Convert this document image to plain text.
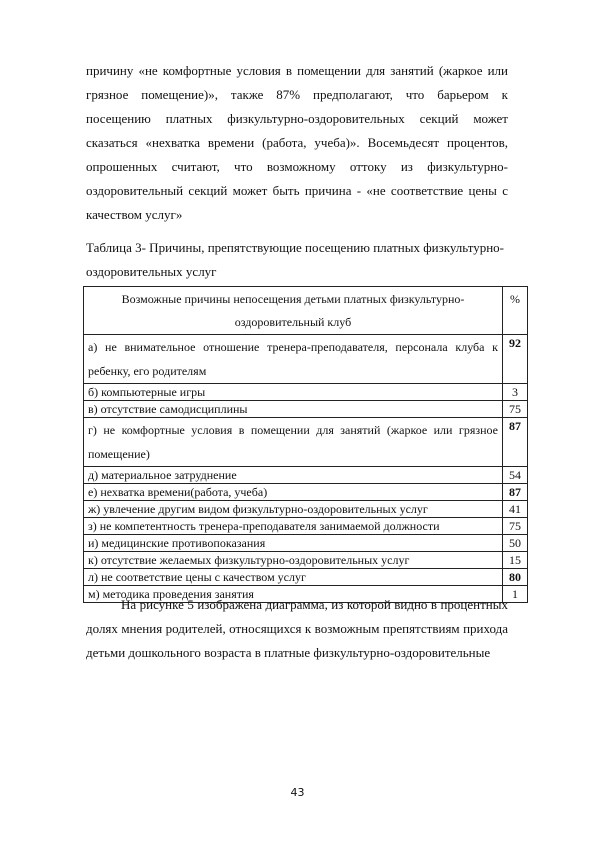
причину «не комфортные условия в помещении для занятий (жаркое или грязное помещение)», также 87% предполагают, что барьером к посещению платных физкультурно-оздоровительных секций может сказаться «нехватка времени (работа, учеба)». Восемьдесят процентов, опрошенных считают, что возможному оттоку из физкультурно- оздоровительный секций может быть причина - «не соответствие цены с качеством услуг»
Таблица 3- Причины, препятствующие посещению платных физкультурно-оздоровительных услуг
Возможные причины непосещения детьми платных физкультурно-оздоровительный клуб	%
а) не внимательное отношение тренера-преподавателя, персонала клуба к ребенку, его родителям	92
б) компьютерные игры	3
в) отсутствие самодисциплины	75
г) не комфортные условия в помещении для занятий (жаркое или грязное помещение)	87
д) материальное затруднение	54
е) нехватка времени(работа, учеба)	87
ж) увлечение другим видом физкультурно-оздоровительных услуг	41
з) не компетентность тренера-преподавателя занимаемой должности	75
и) медицинские противопоказания	50
к) отсутствие желаемых физкультурно-оздоровительных услуг	15
л) не соответствие цены с качеством услуг	80
м) методика проведения занятия	1
На рисунке 5 изображена диаграмма, из которой видно в процентных долях мнения родителей, относящихся к возможным препятствиям прихода детьми дошкольного возраста в платные физкультурно-оздоровительные
43
